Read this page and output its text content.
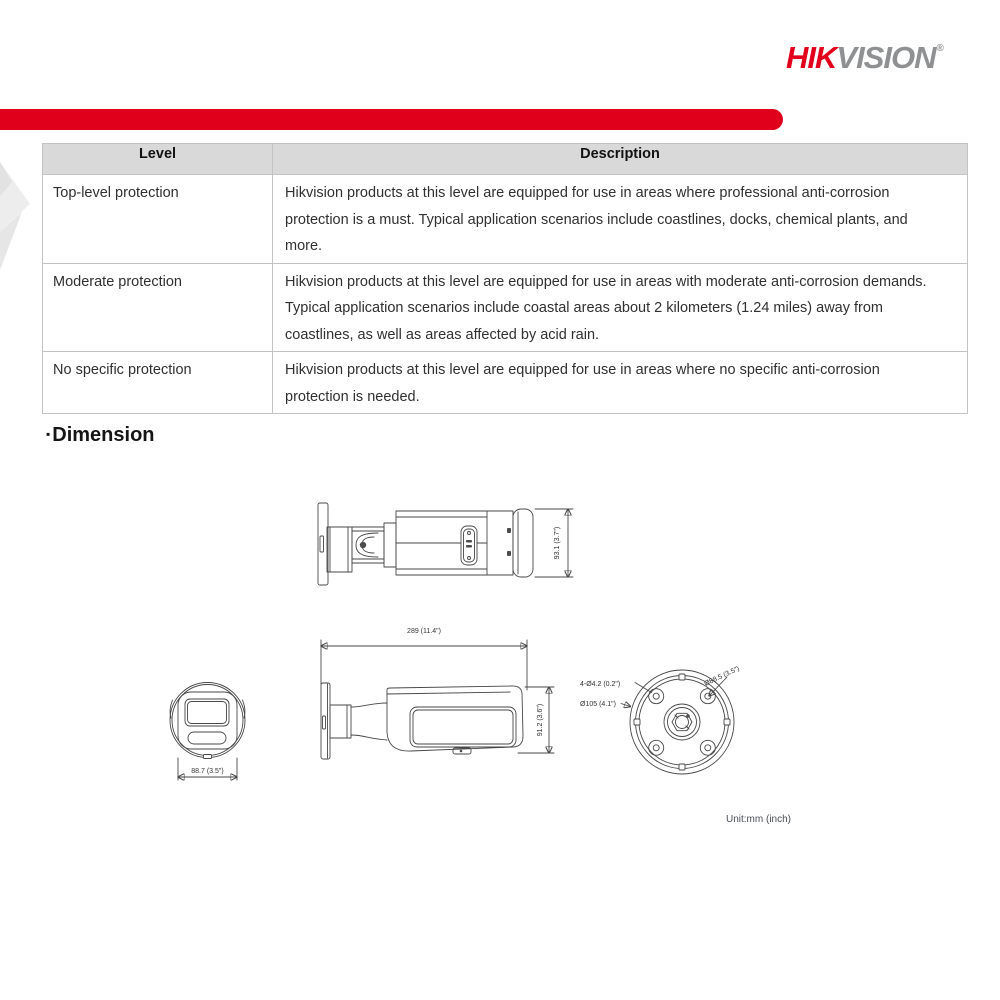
HIKVISION®
Level	Description
Top-level protection	Hikvision products at this level are equipped for use in areas where professional anti-corrosion protection is a must. Typical application scenarios include coastlines, docks, chemical plants, and more.
Moderate protection	Hikvision products at this level are equipped for use in areas with moderate anti-corrosion demands. Typical application scenarios include coastal areas about 2 kilometers (1.24 miles) away from coastlines, as well as areas affected by acid rain.
No specific protection	Hikvision products at this level are equipped for use in areas where no specific anti-corrosion protection is needed.
▪ Dimension
93.1 (3.7")
289 (11.4")
91.2 (3.6")
88.7 (3.5")
4-Ø4.2 (0.2")
Ø105 (4.1")
Ø88.5 (3.5")
Unit:mm (inch)
